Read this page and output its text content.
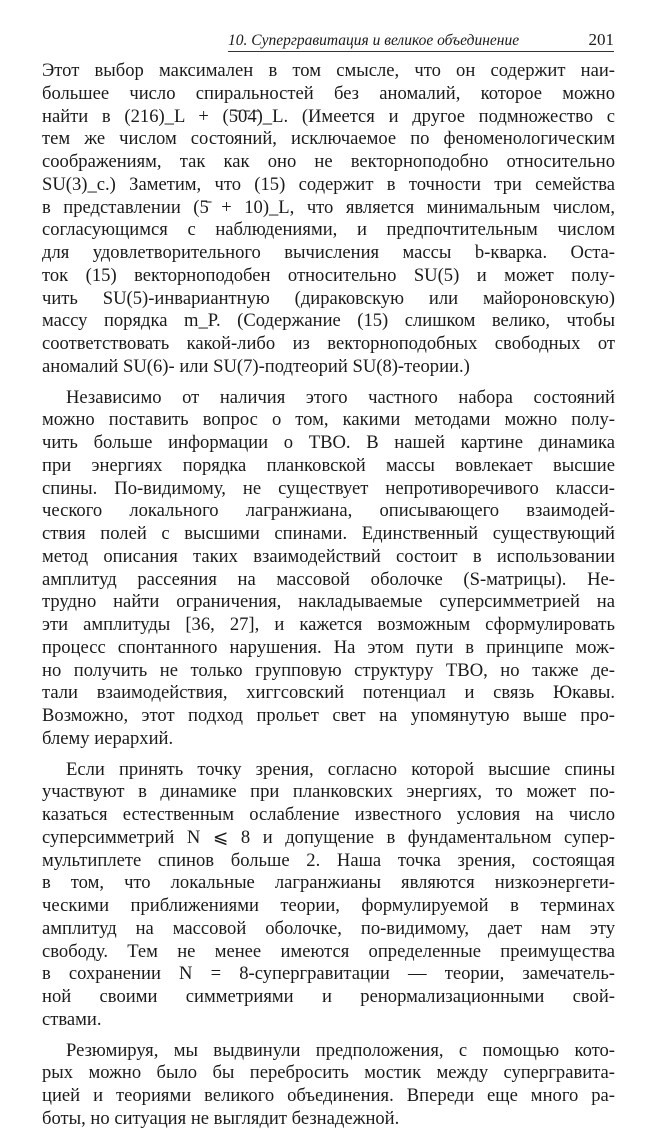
10. Супергравитация и великое объединение	201
Этот выбор максимален в том смысле, что он содержит наи-
большее число спиральностей без аномалий, которое можно
найти в (216)_L + (5̄0̄4̄)_L. (Имеется и другое подмножество с
тем же числом состояний, исключаемое по феноменологическим
соображениям, так как оно не векторноподобно относительно
SU(3)_c.) Заметим, что (15) содержит в точности три семейства
в представлении (5̄ + 10)_L, что является минимальным числом,
согласующимся с наблюдениями, и предпочтительным числом
для удовлетворительного вычисления массы b-кварка. Оста-
ток (15) векторноподобен относительно SU(5) и может полу-
чить SU(5)-инвариантную (дираковскую или майороновскую)
массу порядка m_P. (Содержание (15) слишком велико, чтобы
соответствовать какой-либо из векторноподобных свободных от
аномалий SU(6)- или SU(7)-подтеорий SU(8)-теории.)
Независимо от наличия этого частного набора состояний
можно поставить вопрос о том, какими методами можно полу-
чить больше информации о ТВО. В нашей картине динамика
при энергиях порядка планковской массы вовлекает высшие
спины. По-видимому, не существует непротиворечивого класси-
ческого локального лагранжиана, описывающего взаимодей-
ствия полей с высшими спинами. Единственный существующий
метод описания таких взаимодействий состоит в использовании
амплитуд рассеяния на массовой оболочке (S-матрицы). Не-
трудно найти ограничения, накладываемые суперсимметрией на
эти амплитуды [36, 27], и кажется возможным сформулировать
процесс спонтанного нарушения. На этом пути в принципе мож-
но получить не только групповую структуру ТВО, но также де-
тали взаимодействия, хиггсовский потенциал и связь Юкавы.
Возможно, этот подход прольет свет на упомянутую выше про-
блему иерархий.
Если принять точку зрения, согласно которой высшие спины
участвуют в динамике при планковских энергиях, то может по-
казаться естественным ослабление известного условия на число
суперсимметрий N ⩽ 8 и допущение в фундаментальном супер-
мультиплете спинов больше 2. Наша точка зрения, состоящая
в том, что локальные лагранжианы являются низкоэнергети-
ческими приближениями теории, формулируемой в терминах
амплитуд на массовой оболочке, по-видимому, дает нам эту
свободу. Тем не менее имеются определенные преимущества
в сохранении N = 8-супергравитации — теории, замечатель-
ной своими симметриями и ренормализационными свой-
ствами.
Резюмируя, мы выдвинули предположения, с помощью кото-
рых можно было бы перебросить мостик между супергравита-
цией и теориями великого объединения. Впереди еще много ра-
боты, но ситуация не выглядит безнадежной.
